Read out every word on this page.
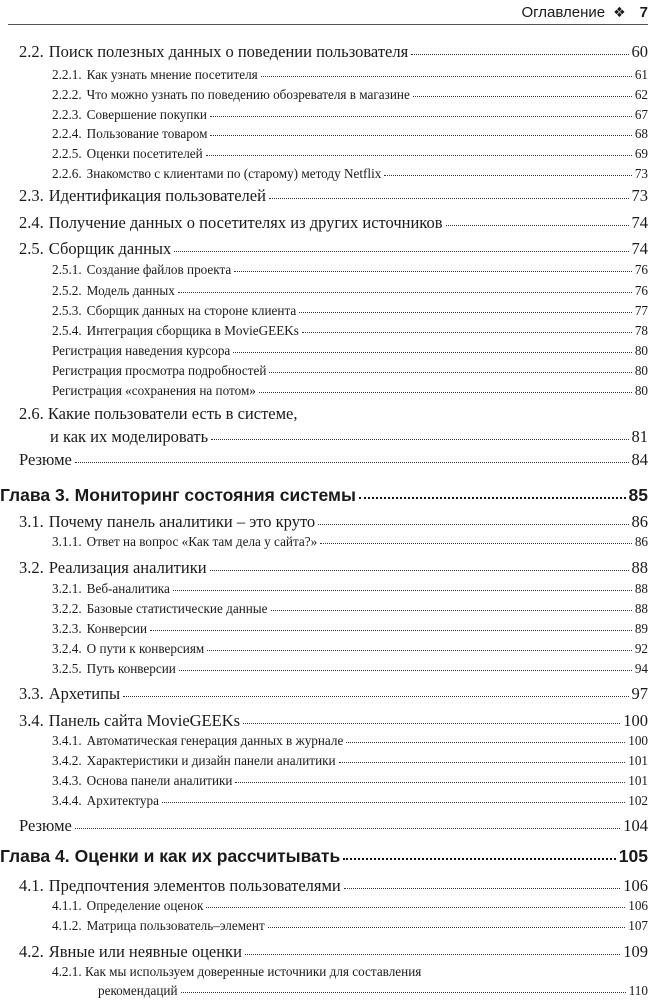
Оглавление ❖ 7
2.2. Поиск полезных данных о поведении пользователя	60
2.2.1. Как узнать мнение посетителя	61
2.2.2. Что можно узнать по поведению обозревателя в магазине	62
2.2.3. Совершение покупки	67
2.2.4. Пользование товаром	68
2.2.5. Оценки посетителей	69
2.2.6. Знакомство с клиентами по (старому) методу Netflix	73
2.3. Идентификация пользователей	73
2.4. Получение данных о посетителях из других источников	74
2.5. Сборщик данных	74
2.5.1. Создание файлов проекта	76
2.5.2. Модель данных	76
2.5.3. Сборщик данных на стороне клиента	77
2.5.4. Интеграция сборщика в MovieGEEKs	78
Регистрация наведения курсора	80
Регистрация просмотра подробностей	80
Регистрация «сохранения на потом»	80
2.6. Какие пользователи есть в системе,
и как их моделировать	81
Резюме	84
Глава 3. Мониторинг состояния системы	85
3.1. Почему панель аналитики – это круто	86
3.1.1. Ответ на вопрос «Как там дела у сайта?»	86
3.2. Реализация аналитики	88
3.2.1. Веб-аналитика	88
3.2.2. Базовые статистические данные	88
3.2.3. Конверсии	89
3.2.4. О пути к конверсиям	92
3.2.5. Путь конверсии	94
3.3. Архетипы	97
3.4. Панель сайта MovieGEEKs	100
3.4.1. Автоматическая генерация данных в журнале	100
3.4.2. Характеристики и дизайн панели аналитики	101
3.4.3. Основа панели аналитики	101
3.4.4. Архитектура	102
Резюме	104
Глава 4. Оценки и как их рассчитывать	105
4.1. Предпочтения элементов пользователями	106
4.1.1. Определение оценок	106
4.1.2. Матрица пользователь–элемент	107
4.2. Явные или неявные оценки	109
4.2.1. Как мы используем доверенные источники для составления
рекомендаций	110
